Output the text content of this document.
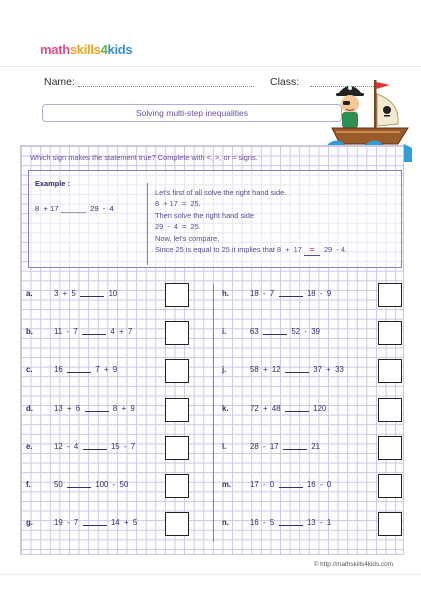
mathskills4kids
Name:	Class:
Solving multi-step inequalities
Which sign makes the statement true? Complete with <, >, or = signs.
Example :
8  + 17 ______  29  -  4
Let's first of all solve the right hand side.
8  + 17  =  25.
Then solve the right hand side
29  -  4  =  25.
Now, let's compare,
Since 25 is equal to 25 it implies that 8  +  17 =  29  - 4.
a.	3  +  5	10
b.	11  -  7	4  +  7
c.	16	7  +  9
d.	13  +  6	8  +  9
e.	12  -  4	15  -  7
f.	50	100  -  50
g.	19  -  7	14  +  5
h.	18  -  7	18  -  9
i.	63	52  -  39
j.	58  +  12	37  +  33
k.	72  +  48	120
l.	28  -  17	21
m. 17  -  0	16  -  0
n.	16  -  5	13  -  1
© http://mathskills4kids.com
